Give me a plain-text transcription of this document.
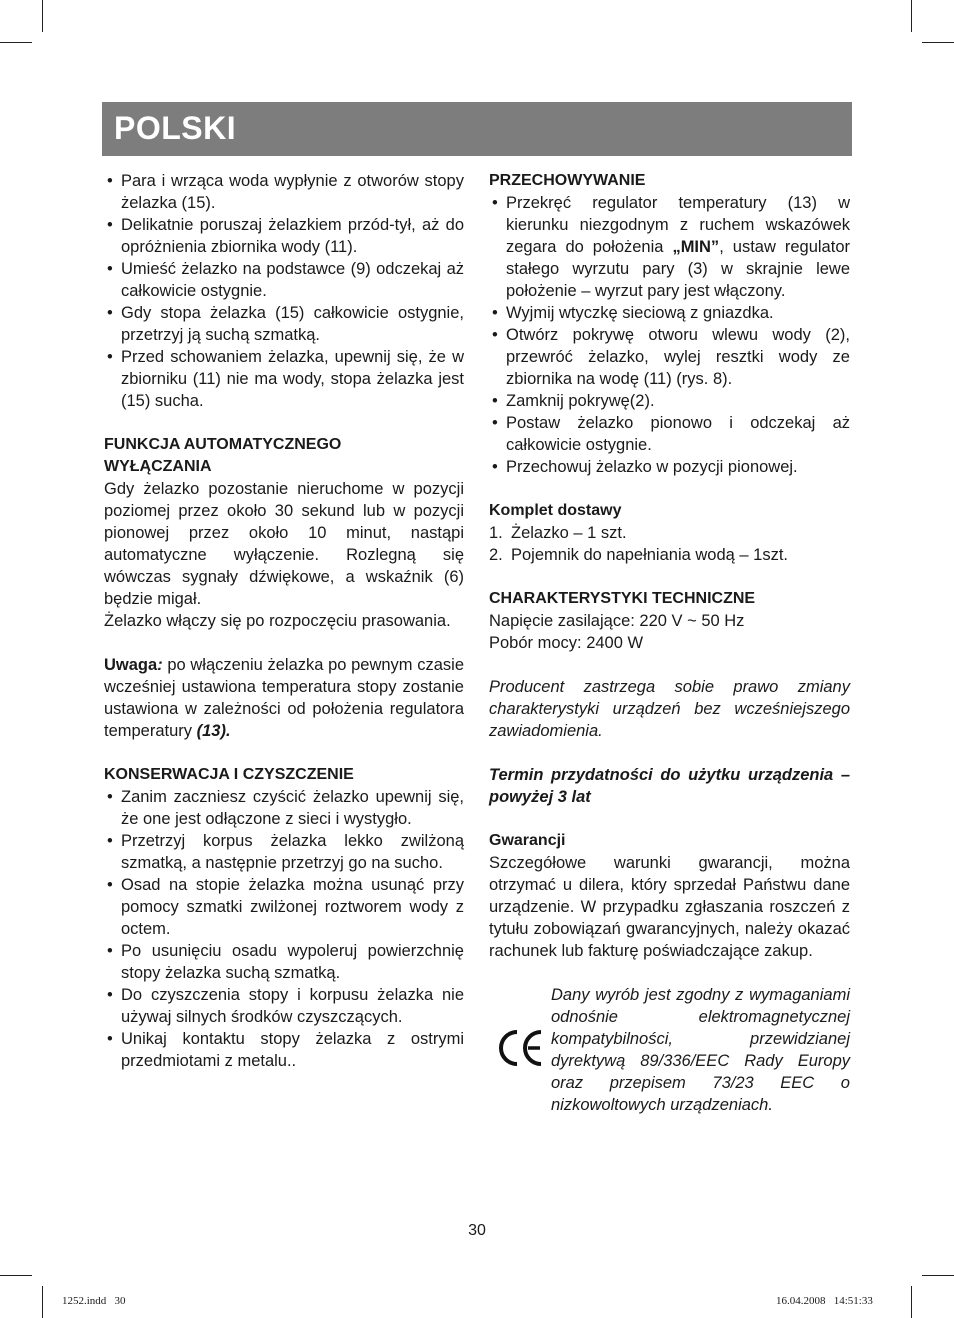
POLSKI
• Para i wrząca woda wypłynie z otworów stopy żelazka (15).
• Delikatnie poruszaj żelazkiem przód-tył, aż do opróżnienia zbiornika wody (11).
• Umieść żelazko na podstawce (9) odczekaj aż całkowicie ostygnie.
• Gdy stopa żelazka (15) całkowicie ostygnie, przetrzyj ją suchą szmatką.
• Przed schowaniem żelazka, upewnij się, że w zbiorniku (11) nie ma wody, stopa żelazka jest (15) sucha.
FUNKCJA AUTOMATYCZNEGO WYŁĄCZANIA
Gdy żelazko pozostanie nieruchome w pozycji poziomej przez około 30 sekund lub w pozycji pionowej przez około 10 minut, nastąpi automatyczne wyłączenie. Rozlegną się wówczas sygnały dźwiękowe, a wskaźnik (6) będzie migał.
Żelazko włączy się po rozpoczęciu prasowania.
Uwaga: po włączeniu żelazka po pewnym czasie wcześniej ustawiona temperatura stopy zostanie ustawiona w zależności od położenia regulatora temperatury (13).
KONSERWACJA I CZYSZCZENIE
• Zanim zaczniesz czyścić żelazko upewnij się, że one jest odłączone z sieci i wystygło.
• Przetrzyj korpus żelazka lekko zwilżoną szmatką, a następnie przetrzyj go na sucho.
• Osad na stopie żelazka można usunąć przy pomocy szmatki zwilżonej roztworem wody z octem.
• Po usunięciu osadu wypoleruj powierzchnię stopy żelazka suchą szmatką.
• Do czyszczenia stopy i korpusu żelazka nie używaj silnych środków czyszczących.
• Unikaj kontaktu stopy żelazka z ostrymi przedmiotami z metalu..
PRZECHOWYWANIE
• Przekręć regulator temperatury (13) w kierunku niezgodnym z ruchem wskazówek zegara do położenia „MIN”, ustaw regulator stałego wyrzutu pary (3) w skrajnie lewe położenie – wyrzut pary jest włączony.
• Wyjmij wtyczkę sieciową z gniazdka.
• Otwórz pokrywę otworu wlewu wody (2), przewróć żelazko, wylej resztki wody ze zbiornika na wodę (11) (rys. 8).
• Zamknij pokrywę(2).
• Postaw żelazko pionowo i odczekaj aż całkowicie ostygnie.
• Przechowuj żelazko w pozycji pionowej.
Komplet dostawy
1. Żelazko – 1 szt.
2. Pojemnik do napełniania wodą – 1szt.
CHARAKTERYSTYKI TECHNICZNE
Napięcie zasilające: 220 V ~ 50 Hz
Pobór mocy: 2400 W
Producent zastrzega sobie prawo zmiany charakterystyki urządzeń bez wcześniejszego zawiadomienia.
Termin przydatności do użytku urządzenia – powyżej 3 lat
Gwarancji
Szczegółowe warunki gwarancji, można otrzymać u dilera, który sprzedał Państwu dane urządzenie. W przypadku zgłaszania roszczeń z tytułu zobowiązań gwarancyjnych, należy okazać rachunek lub fakturę poświadczające zakup.
Dany wyrób jest zgodny z wymaganiami odnośnie elektromagnetycznej kompatybilności, przewidzianej dyrektywą 89/336/EEC Rady Europy oraz przepisem 73/23 EEC o nizkowoltowych urządzeniach.
30
1252.indd   30	16.04.2008   14:51:33
